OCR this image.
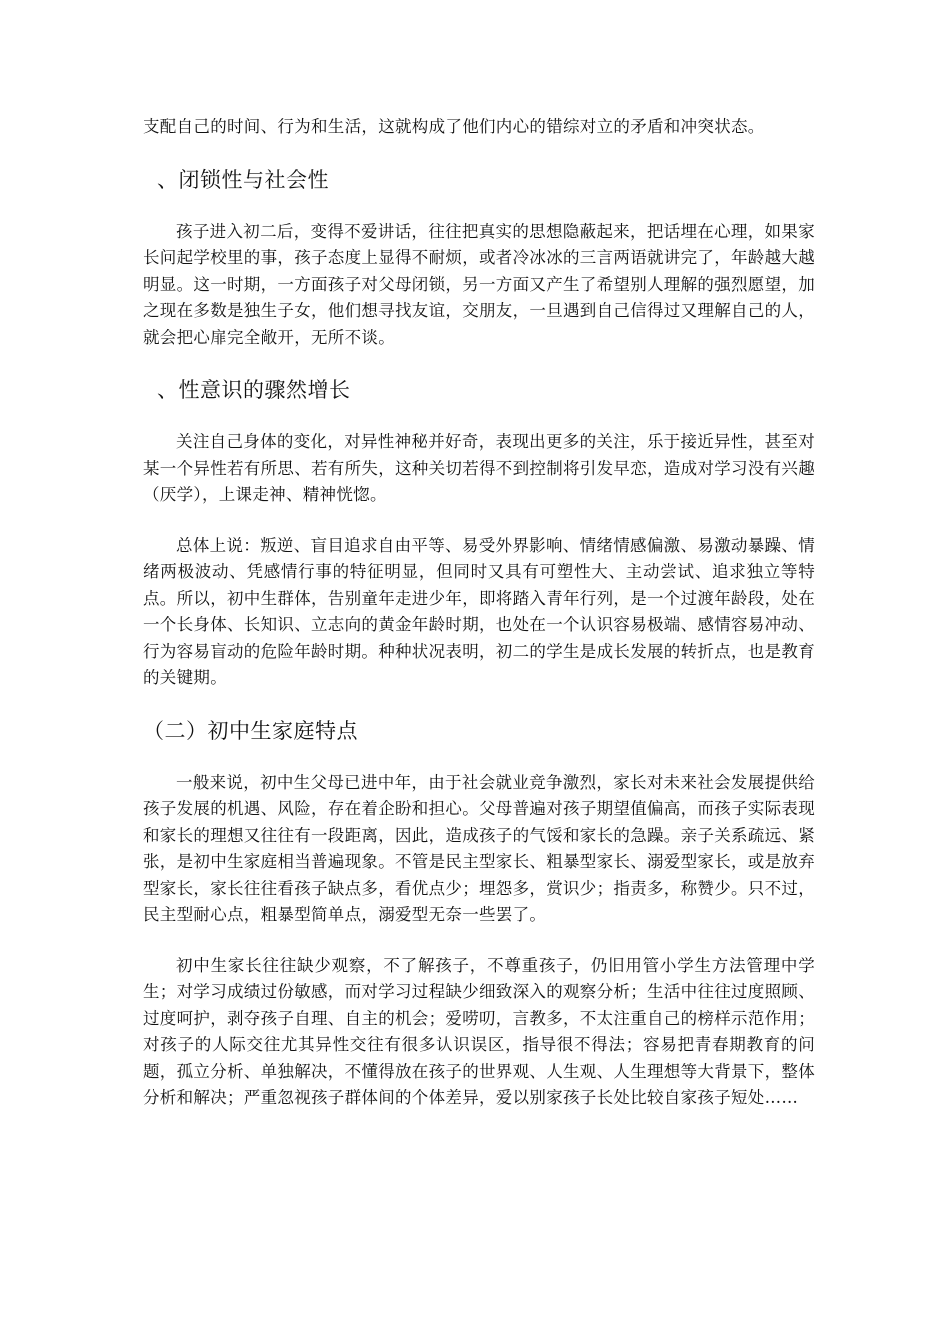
支配自己的时间、行为和生活，这就构成了他们内心的错综对立的矛盾和冲突状态。

、闭锁性与社会性

孩子进入初二后，变得不爱讲话，往往把真实的思想隐蔽起来，把话埋在心理，如果家长问起学校里的事，孩子态度上显得不耐烦，或者冷冰冰的三言两语就讲完了，年龄越大越明显。这一时期，一方面孩子对父母闭锁，另一方面又产生了希望别人理解的强烈愿望，加之现在多数是独生子女，他们想寻找友谊，交朋友，一旦遇到自己信得过又理解自己的人，就会把心扉完全敞开，无所不谈。

、性意识的骤然增长

关注自己身体的变化，对异性神秘并好奇，表现出更多的关注，乐于接近异性，甚至对某一个异性若有所思、若有所失，这种关切若得不到控制将引发早恋，造成对学习没有兴趣（厌学），上课走神、精神恍惚。

总体上说：叛逆、盲目追求自由平等、易受外界影响、情绪情感偏激、易激动暴躁、情绪两极波动、凭感情行事的特征明显，但同时又具有可塑性大、主动尝试、追求独立等特点。所以，初中生群体，告别童年走进少年，即将踏入青年行列，是一个过渡年龄段，处在一个长身体、长知识、立志向的黄金年龄时期，也处在一个认识容易极端、感情容易冲动、行为容易盲动的危险年龄时期。种种状况表明，初二的学生是成长发展的转折点，也是教育的关键期。

（二）初中生家庭特点

一般来说，初中生父母已进中年，由于社会就业竞争激烈，家长对未来社会发展提供给孩子发展的机遇、风险，存在着企盼和担心。父母普遍对孩子期望值偏高，而孩子实际表现和家长的理想又往往有一段距离，因此，造成孩子的气馁和家长的急躁。亲子关系疏远、紧张，是初中生家庭相当普遍现象。不管是民主型家长、粗暴型家长、溺爱型家长，或是放弃型家长，家长往往看孩子缺点多，看优点少；埋怨多，赏识少；指责多，称赞少。只不过，民主型耐心点，粗暴型简单点，溺爱型无奈一些罢了。

初中生家长往往缺少观察，不了解孩子，不尊重孩子，仍旧用管小学生方法管理中学生；对学习成绩过份敏感，而对学习过程缺少细致深入的观察分析；生活中往往过度照顾、过度呵护，剥夺孩子自理、自主的机会；爱唠叨，言教多，不太注重自己的榜样示范作用；对孩子的人际交往尤其异性交往有很多认识误区，指导很不得法；容易把青春期教育的问题，孤立分析、单独解决，不懂得放在孩子的世界观、人生观、人生理想等大背景下，整体分析和解决；严重忽视孩子群体间的个体差异，爱以别家孩子长处比较自家孩子短处……
